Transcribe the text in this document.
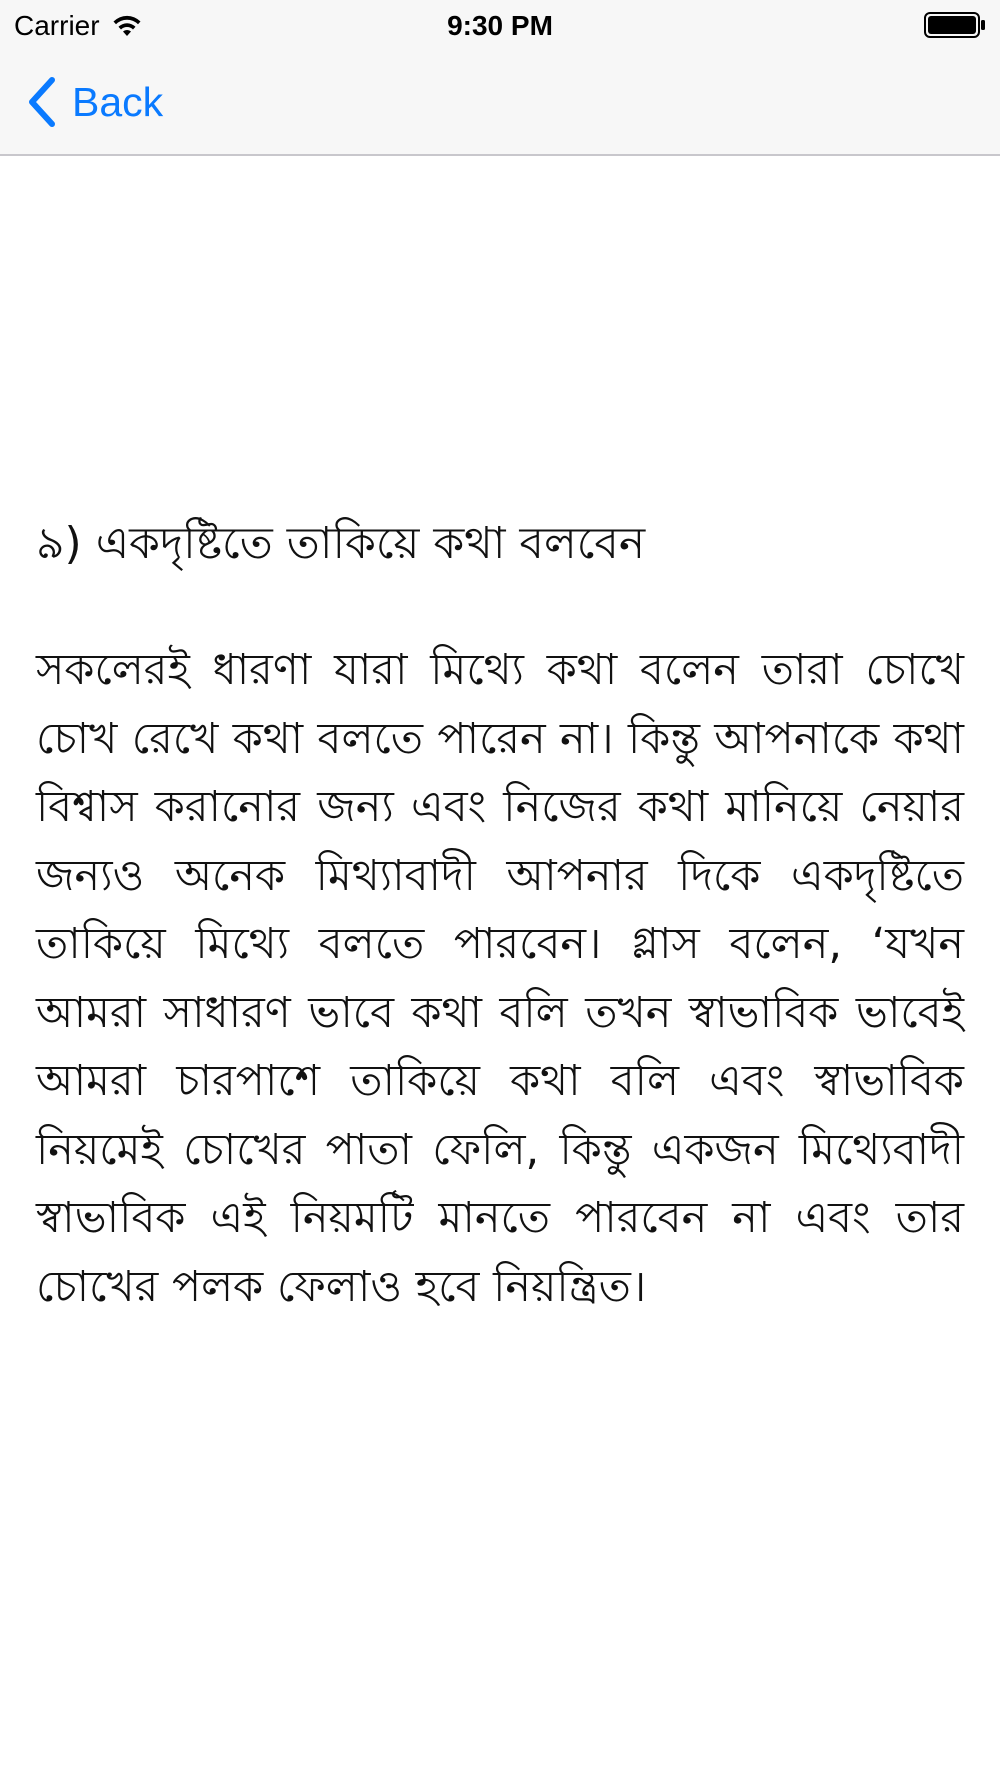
Carrier	9:30 PM
Back
৯) একদৃষ্টিতে তাকিয়ে কথা বলবেন

সকলেরই ধারণা যারা মিথ্যে কথা বলেন তারা চোখে চোখ রেখে কথা বলতে পারেন না। কিন্তু আপনাকে কথা বিশ্বাস করানোর জন্য এবং নিজের কথা মানিয়ে নেয়ার জন্যও অনেক মিথ্যাবাদী আপনার দিকে একদৃষ্টিতে তাকিয়ে মিথ্যে বলতে পারবেন। গ্লাস বলেন, ‘যখন আমরা সাধারণ ভাবে কথা বলি তখন স্বাভাবিক ভাবেই আমরা চারপাশে তাকিয়ে কথা বলি এবং স্বাভাবিক নিয়মেই চোখের পাতা ফেলি, কিন্তু একজন মিথ্যেবাদী স্বাভাবিক এই নিয়মটি মানতে পারবেন না এবং তার চোখের পলক ফেলাও হবে নিয়ন্ত্রিত।
